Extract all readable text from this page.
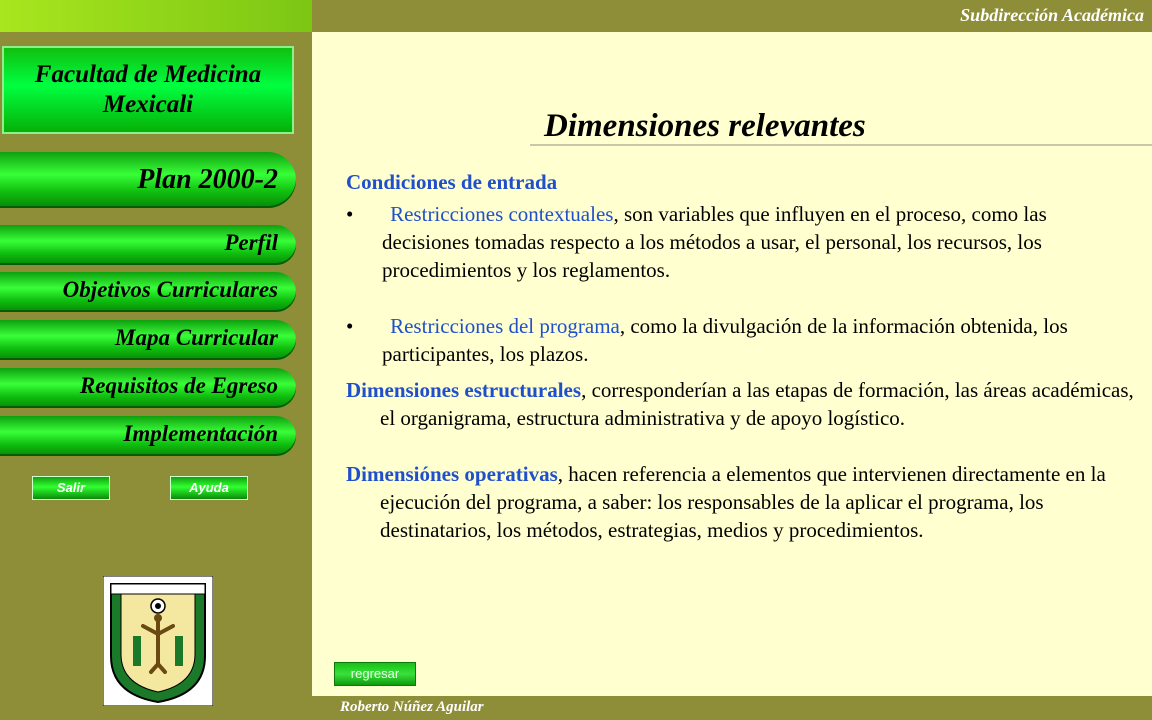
Subdirección Académica
Facultad de Medicina
Mexicali
Plan 2000-2
Perfil
Objetivos Curriculares
Mapa Curricular
Requisitos de Egreso
Implementación
Salir	Ayuda
Dimensiones relevantes

Condiciones de entrada

• Restricciones contextuales, son variables que influyen en el proceso, como las decisiones tomadas respecto a los métodos a usar, el personal, los recursos, los procedimientos y los reglamentos.

• Restricciones del programa, como la divulgación de la información obtenida, los participantes, los plazos.

Dimensiones estructurales, corresponderían a las etapas de formación, las áreas académicas, el organigrama, estructura administrativa y de apoyo logístico.

Dimensiónes operativas, hacen referencia a elementos que intervienen directamente en la ejecución del programa, a saber: los responsables de la aplicar el programa, los destinatarios, los métodos, estrategias, medios y procedimientos.

regresar
Roberto Núñez Aguilar
